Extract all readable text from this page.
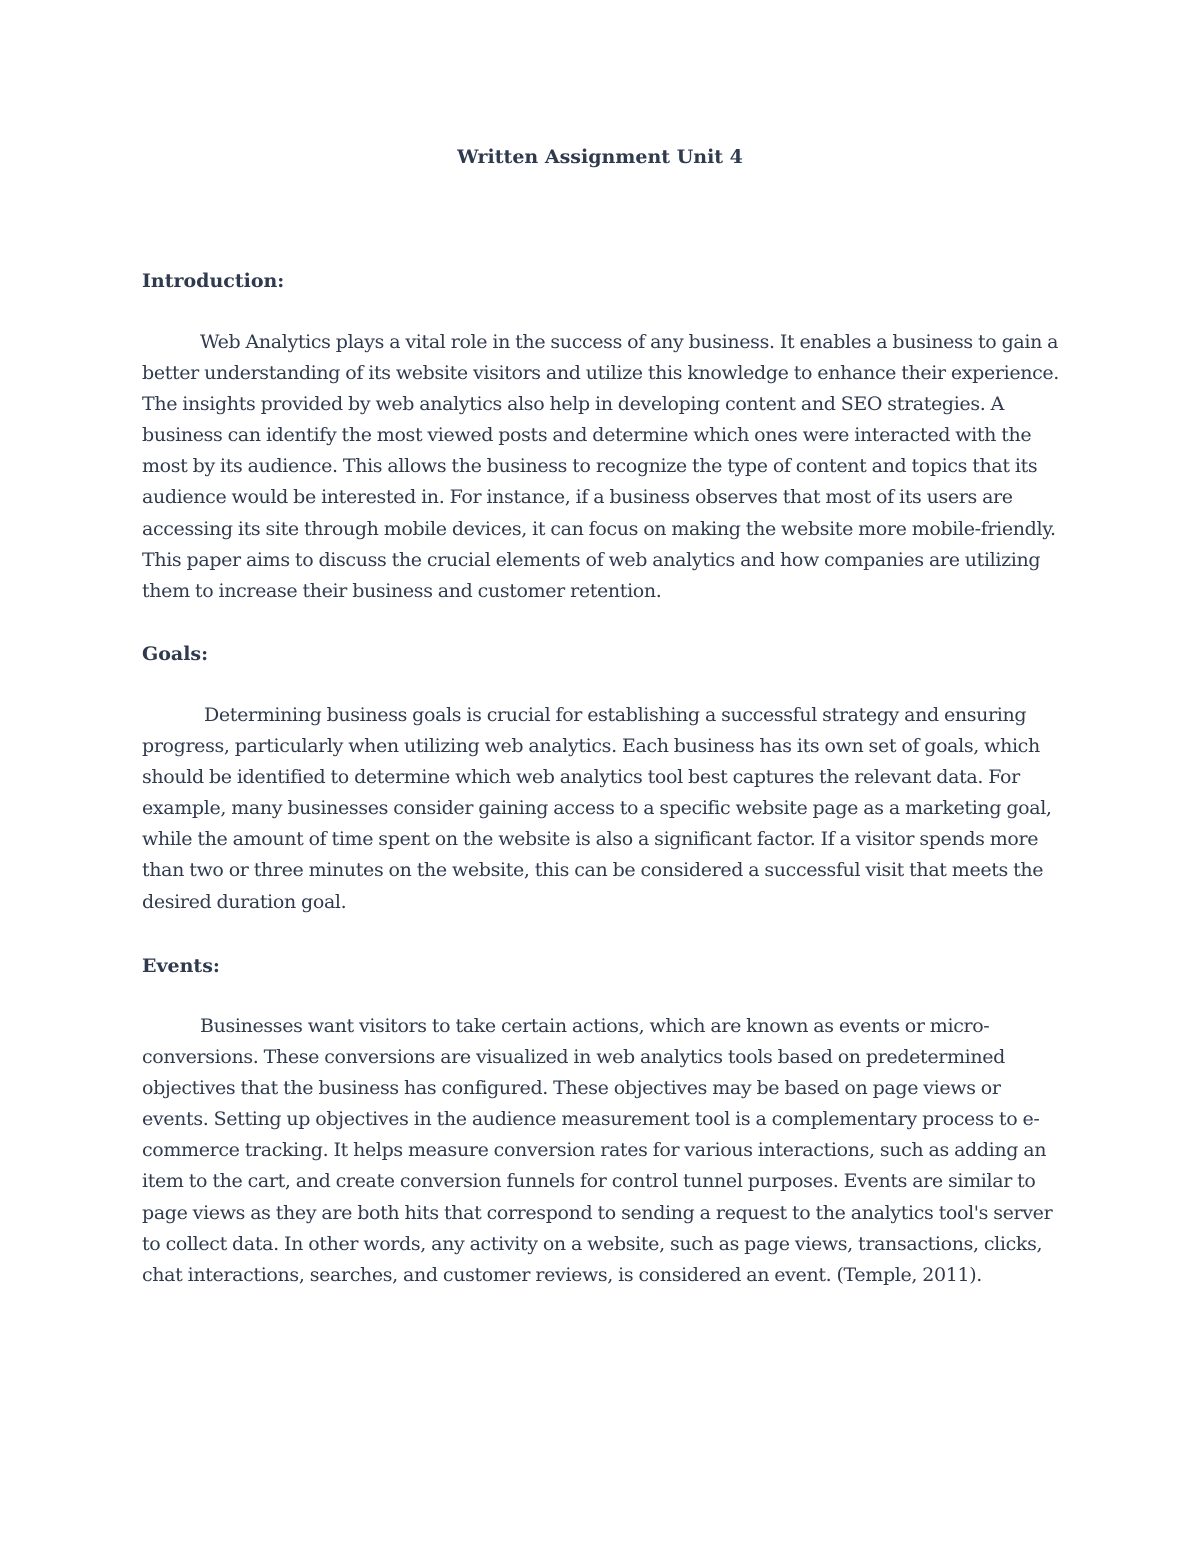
Written Assignment Unit 4
Introduction:

Web Analytics plays a vital role in the success of any business. It enables a business to gain a better understanding of its website visitors and utilize this knowledge to enhance their experience. The insights provided by web analytics also help in developing content and SEO strategies. A business can identify the most viewed posts and determine which ones were interacted with the most by its audience. This allows the business to recognize the type of content and topics that its audience would be interested in. For instance, if a business observes that most of its users are accessing its site through mobile devices, it can focus on making the website more mobile-friendly. This paper aims to discuss the crucial elements of web analytics and how companies are utilizing them to increase their business and customer retention.

Goals:

Determining business goals is crucial for establishing a successful strategy and ensuring progress, particularly when utilizing web analytics. Each business has its own set of goals, which should be identified to determine which web analytics tool best captures the relevant data. For example, many businesses consider gaining access to a specific website page as a marketing goal, while the amount of time spent on the website is also a significant factor. If a visitor spends more than two or three minutes on the website, this can be considered a successful visit that meets the desired duration goal.

Events:

Businesses want visitors to take certain actions, which are known as events or micro-conversions. These conversions are visualized in web analytics tools based on predetermined objectives that the business has configured. These objectives may be based on page views or events. Setting up objectives in the audience measurement tool is a complementary process to e-commerce tracking. It helps measure conversion rates for various interactions, such as adding an item to the cart, and create conversion funnels for control tunnel purposes. Events are similar to page views as they are both hits that correspond to sending a request to the analytics tool's server to collect data. In other words, any activity on a website, such as page views, transactions, clicks, chat interactions, searches, and customer reviews, is considered an event. (Temple, 2011).
